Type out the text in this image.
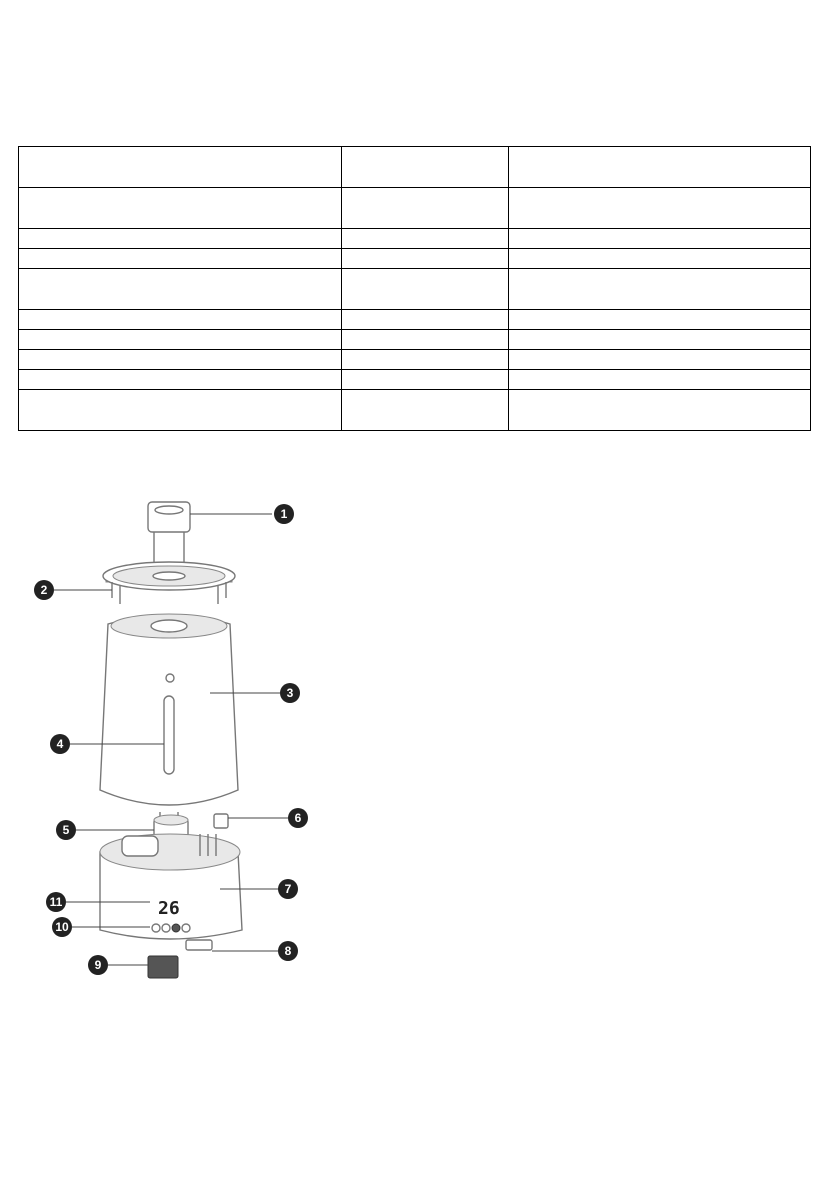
26
1
2
3
4
5
6
7
8
9
10
11
